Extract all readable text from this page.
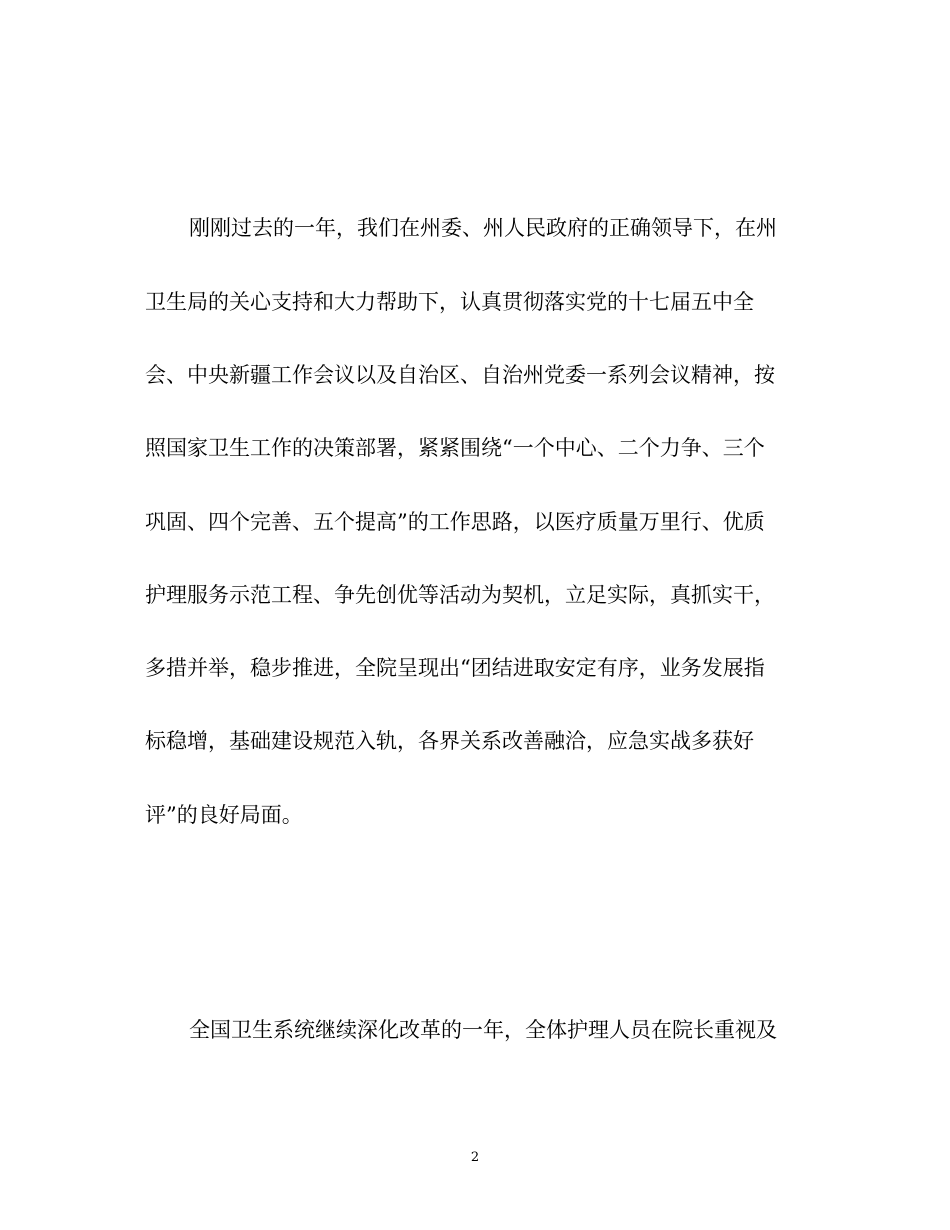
刚刚过去的一年，我们在州委、州人民政府的正确领导下，在州
卫生局的关心支持和大力帮助下，认真贯彻落实党的十七届五中全
会、中央新疆工作会议以及自治区、自治州党委一系列会议精神，按
照国家卫生工作的决策部署，紧紧围绕“一个中心、二个力争、三个
巩固、四个完善、五个提高”的工作思路，以医疗质量万里行、优质
护理服务示范工程、争先创优等活动为契机，立足实际，真抓实干，
多措并举，稳步推进，全院呈现出“团结进取安定有序，业务发展指
标稳增，基础建设规范入轨，各界关系改善融洽，应急实战多获好
评”的良好局面。
全国卫生系统继续深化改革的一年，全体护理人员在院长重视及
2
